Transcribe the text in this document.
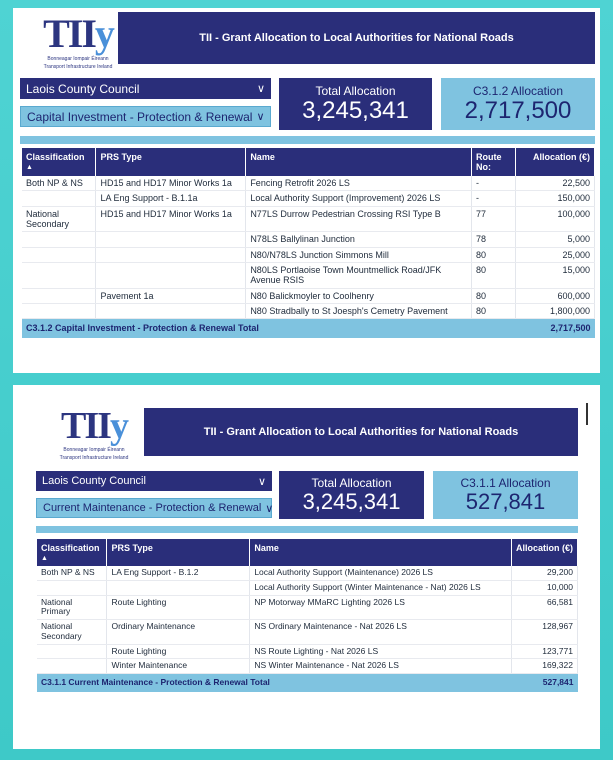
TII y
Bonneagar Iompair Éireann
Transport Infrastructure Ireland
TII - Grant Allocation to Local Authorities for National Roads
Laois County Council	∨
Capital Investment - Protection & Renewal ∨
Total Allocation
3,245,341
C3.1.2 Allocation
2,717,500
Classification
▲	PRS Type	Name	Route No:	Allocation (€)
Both NP & NS	HD15 and HD17 Minor Works 1a	Fencing Retrofit 2026 LS	-	22,500
	LA Eng Support - B.1.1a	Local Authority Support (Improvement) 2026 LS	-	150,000
National Secondary	HD15 and HD17 Minor Works 1a	N77LS Durrow Pedestrian Crossing RSI Type B	77	100,000
		N78LS Ballylinan Junction	78	5,000
		N80/N78LS Junction Simmons Mill	80	25,000
		N80LS Portlaoise Town Mountmellick Road/JFK Avenue RSIS	80	15,000
	Pavement 1a	N80 Balickmoyler to Coolhenry	80	600,000
		N80 Stradbally to St Joesph's Cemetry Pavement	80	1,800,000
C3.1.2 Capital Investment - Protection & Renewal Total				2,717,500
TII y
Bonneagar Iompair Éireann
Transport Infrastructure Ireland
TII - Grant Allocation to Local Authorities for National Roads
Laois County Council	∨
Current Maintenance - Protection & Renewal ∨
Total Allocation
3,245,341
C3.1.1 Allocation
527,841
Classification
▲	PRS Type	Name	Allocation (€)
Both NP & NS	LA Eng Support - B.1.2	Local Authority Support (Maintenance) 2026 LS	29,200
		Local Authority Support (Winter Maintenance - Nat) 2026 LS	10,000
National Primary	Route Lighting	NP Motorway MMaRC Lighting 2026 LS	66,581
National Secondary	Ordinary Maintenance	NS Ordinary Maintenance - Nat 2026 LS	128,967
	Route Lighting	NS Route Lighting - Nat 2026 LS	123,771
	Winter Maintenance	NS Winter Maintenance - Nat 2026 LS	169,322
C3.1.1 Current Maintenance - Protection & Renewal Total			527,841
